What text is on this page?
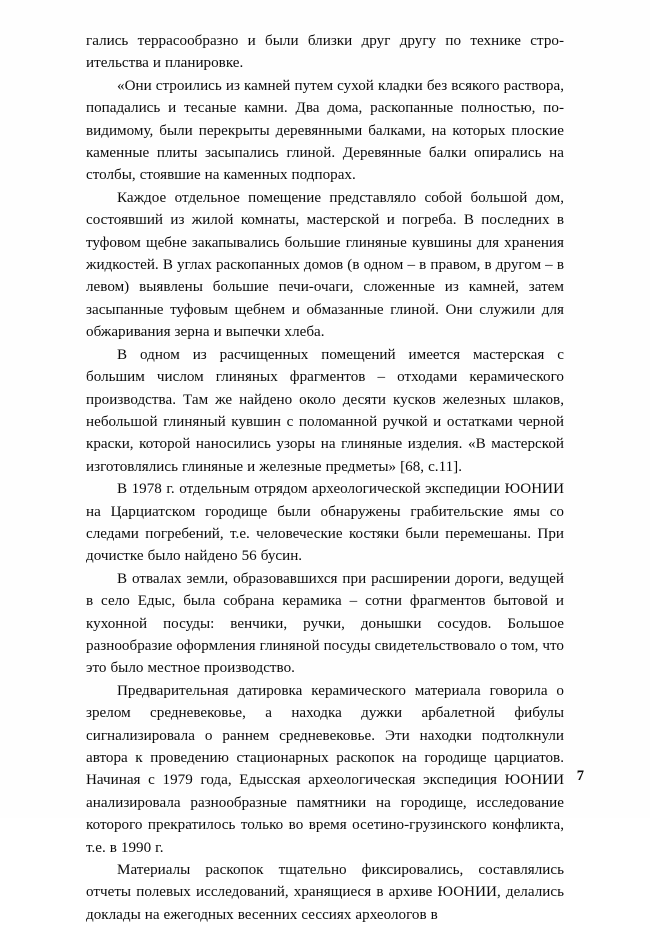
гались террасообразно и были близки друг другу по технике строительства и планировке.

«Они строились из камней путем сухой кладки без всякого раствора, попадались и тесаные камни. Два дома, раскопанные полностью, по-видимому, были перекрыты деревянными балками, на которых плоские каменные плиты засыпались глиной. Деревянные балки опирались на столбы, стоявшие на каменных подпорах.

Каждое отдельное помещение представляло собой большой дом, состоявший из жилой комнаты, мастерской и погреба. В последних в туфовом щебне закапывались большие глиняные кувшины для хранения жидкостей. В углах раскопанных домов (в одном – в правом, в другом – в левом) выявлены большие печи-очаги, сложенные из камней, затем засыпанные туфовым щебнем и обмазанные глиной. Они служили для обжаривания зерна и выпечки хлеба.

В одном из расчищенных помещений имеется мастерская с большим числом глиняных фрагментов – отходами керамического производства. Там же найдено около десяти кусков железных шлаков, небольшой глиняный кувшин с поломанной ручкой и остатками черной краски, которой наносились узоры на глиняные изделия. «В мастерской изготовлялись глиняные и железные предметы» [68, с.11].

В 1978 г. отдельным отрядом археологической экспедиции ЮОНИИ на Царциатском городище были обнаружены грабительские ямы со следами погребений, т.е. человеческие костяки были перемешаны. При дочистке было найдено 56 бусин.

В отвалах земли, образовавшихся при расширении дороги, ведущей в село Едыс, была собрана керамика – сотни фрагментов бытовой и кухонной посуды: венчики, ручки, донышки сосудов. Большое разнообразие оформления глиняной посуды свидетельствовало о том, что это было местное производство.

Предварительная датировка керамического материала говорила о зрелом средневековье, а находка дужки арбалетной фибулы сигнализировала о раннем средневековье. Эти находки подтолкнули автора к проведению стационарных раскопок на городище царциатов. Начиная с 1979 года, Едысская археологическая экспедиция ЮОНИИ анализировала разнообразные памятники на городище, исследование которого прекратилось только во время осетино-грузинского конфликта, т.е. в 1990 г.

Материалы раскопок тщательно фиксировались, составлялись отчеты полевых исследований, хранящиеся в архиве ЮОНИИ, делались доклады на ежегодных весенних сессиях археологов в

7
